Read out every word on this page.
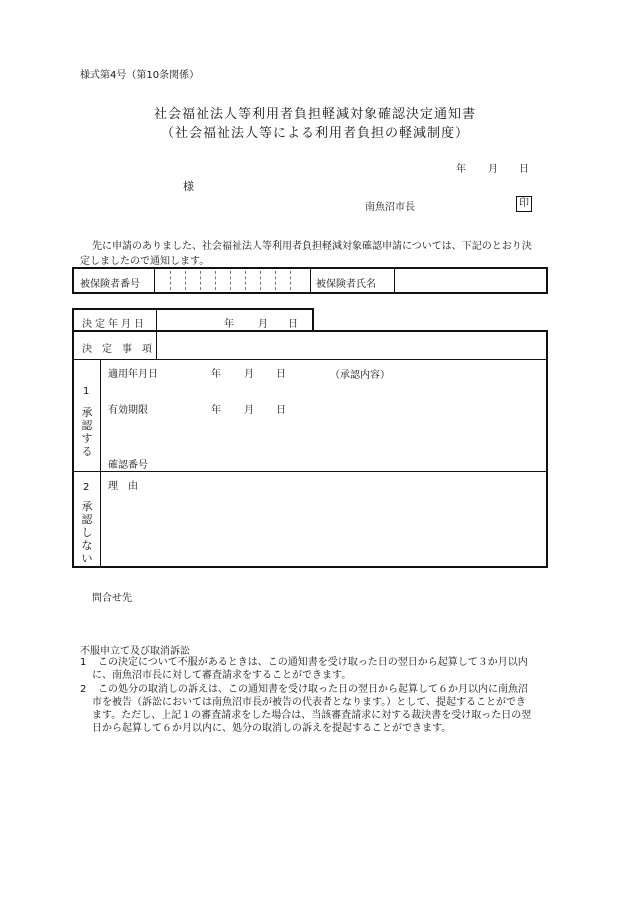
様式第4号（第10条関係）
社会福祉法人等利用者負担軽減対象確認決定通知書
（社会福祉法人等による利用者負担の軽減制度）
年 月 日
様
南魚沼市長	印
先に申請のありました、社会福祉法人等利用者負担軽減対象確認申請については、下記のとおり決
定しましたので通知します。
被保険者番号	被保険者氏名
決定年月日	年 月 日
決　定　事　項
1
承
認
す
る
適用年月日	年 月 日	（承認内容）
有効期限	年 月 日
確認番号
2
承
認
し
な
い
理　由
問合せ先
不服申立て及び取消訴訟
1 この決定について不服があるときは、この通知書を受け取った日の翌日から起算して３か月以内
に、南魚沼市長に対して審査請求をすることができます。
2 この処分の取消しの訴えは、この通知書を受け取った日の翌日から起算して６か月以内に南魚沼
市を被告（訴訟においては南魚沼市長が被告の代表者となります。）として、提起することができ
ます。ただし、上記１の審査請求をした場合は、当該審査請求に対する裁決書を受け取った日の翌
日から起算して６か月以内に、処分の取消しの訴えを提起することができます。
